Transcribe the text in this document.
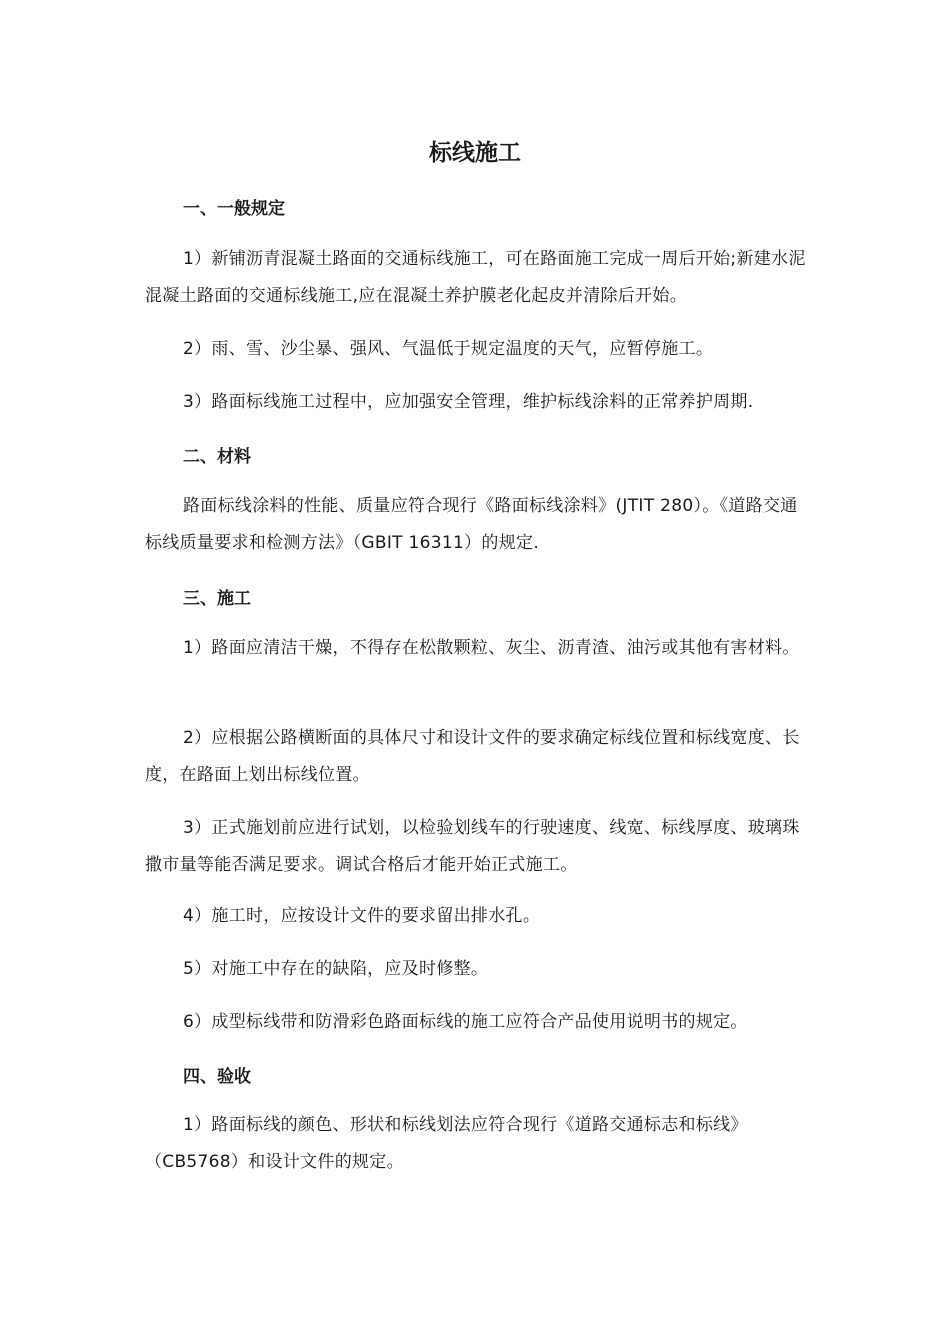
标线施工
一、一般规定
1）新铺沥青混凝土路面的交通标线施工，可在路面施工完成一周后开始;新建水泥混凝土路面的交通标线施工,应在混凝土养护膜老化起皮并清除后开始。
2）雨、雪、沙尘暴、强风、气温低于规定温度的天气，应暂停施工。
3）路面标线施工过程中，应加强安全管理，维护标线涂料的正常养护周期.
二、材料
路面标线涂料的性能、质量应符合现行《路面标线涂料》(JTIT 280）。《道路交通标线质量要求和检测方法》（GBIT 16311）的规定.
三、施工
1）路面应清洁干燥，不得存在松散颗粒、灰尘、沥青渣、油污或其他有害材料。
2）应根据公路横断面的具体尺寸和设计文件的要求确定标线位置和标线宽度、长度，在路面上划出标线位置。
3）正式施划前应进行试划，以检验划线车的行驶速度、线宽、标线厚度、玻璃珠撒市量等能否满足要求。调试合格后才能开始正式施工。
4）施工时，应按设计文件的要求留出排水孔。
5）对施工中存在的缺陷，应及时修整。
6）成型标线带和防滑彩色路面标线的施工应符合产品使用说明书的规定。
四、验收
1）路面标线的颜色、形状和标线划法应符合现行《道路交通标志和标线》（CB5768）和设计文件的规定。
